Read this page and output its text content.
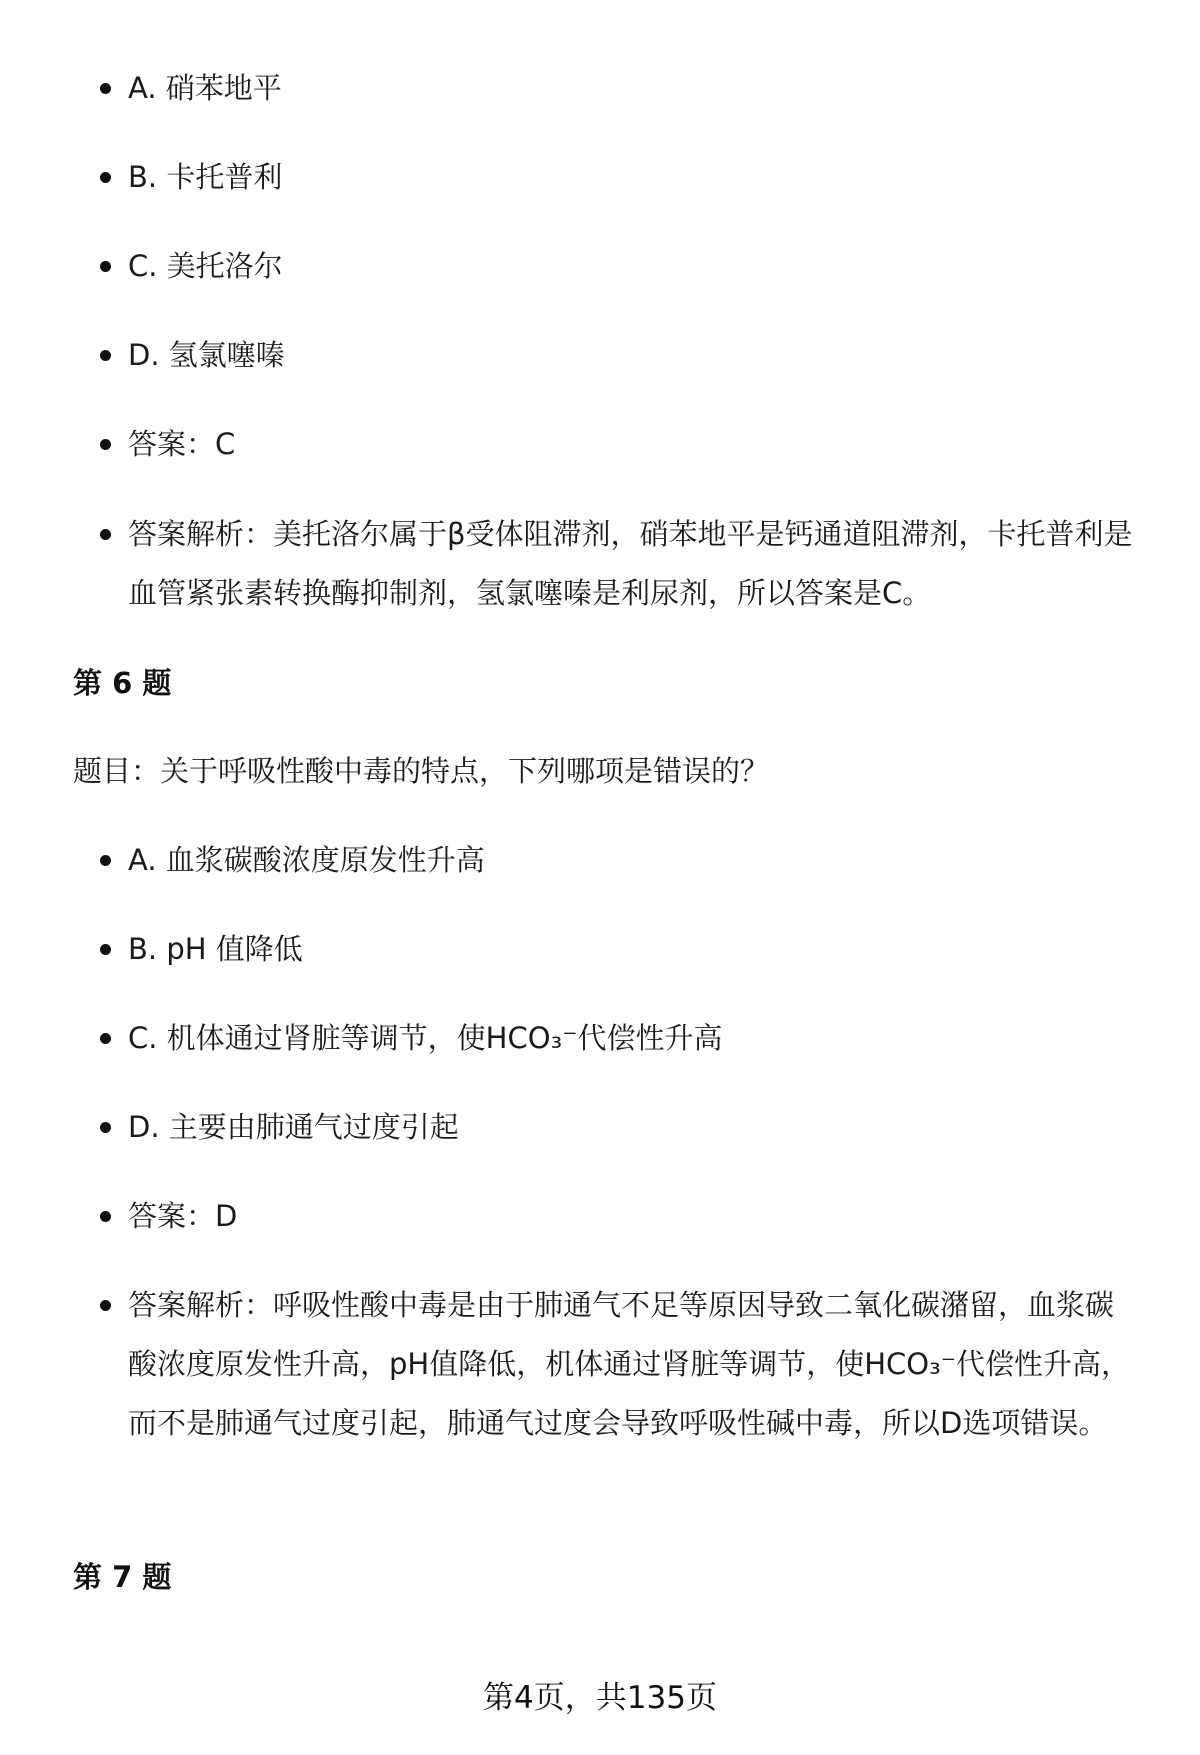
A. 硝苯地平
B. 卡托普利
C. 美托洛尔
D. 氢氯噻嗪
答案：C
答案解析：美托洛尔属于β受体阻滞剂，硝苯地平是钙通道阻滞剂，卡托普利是血管紧张素转换酶抑制剂，氢氯噻嗪是利尿剂，所以答案是C。
第 6 题
题目：关于呼吸性酸中毒的特点，下列哪项是错误的？
A. 血浆碳酸浓度原发性升高
B. pH 值降低
C. 机体通过肾脏等调节，使HCO₃⁻代偿性升高
D. 主要由肺通气过度引起
答案：D
答案解析：呼吸性酸中毒是由于肺通气不足等原因导致二氧化碳潴留，血浆碳酸浓度原发性升高，pH值降低，机体通过肾脏等调节，使HCO₃⁻代偿性升高，而不是肺通气过度引起，肺通气过度会导致呼吸性碱中毒，所以D选项错误。
第 7 题
第4页，共135页
